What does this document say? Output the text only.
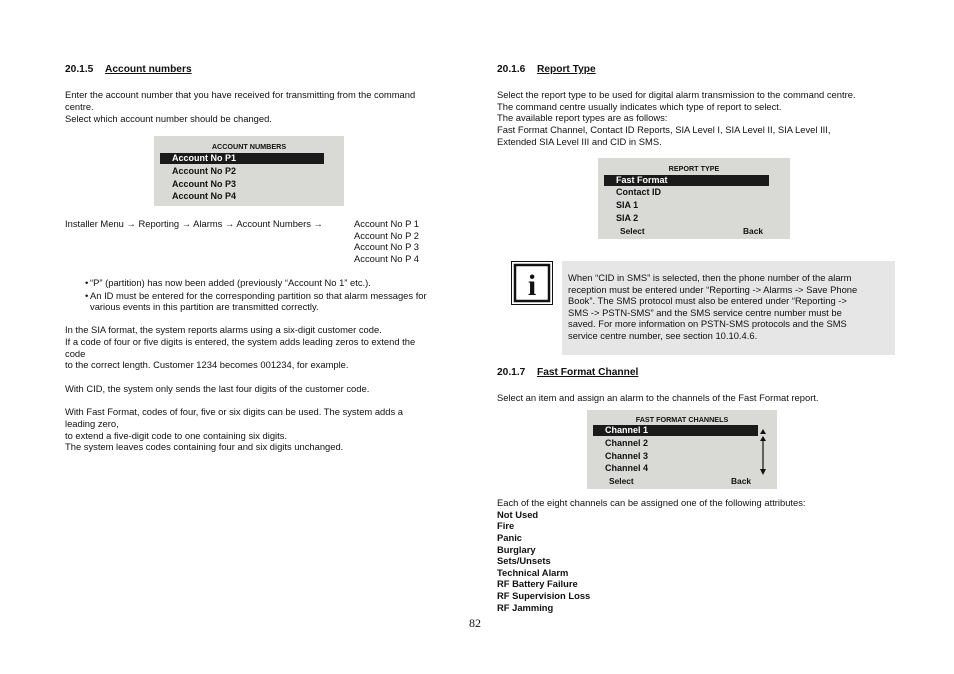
20.1.5 Account numbers

Enter the account number that you have received for transmitting from the command

centre.

Select which account number should be changed.

ACCOUNT NUMBERS
Account No P1
Account No P2
Account No P3
Account No P4

Installer Menu → Reporting → Alarms → Account Numbers →	Account No P 1

Account No P 2

Account No P 3

Account No P 4

• “P” (partition) has now been added (previously “Account No 1” etc.).

• An ID must be entered for the corresponding partition so that alarm messages for

various events in this partition are transmitted correctly.

In the SIA format, the system reports alarms using a six-digit customer code.

If a code of four or five digits is entered, the system adds leading zeros to extend the

code

to the correct length. Customer 1234 becomes 001234, for example.

With CID, the system only sends the last four digits of the customer code.

With Fast Format, codes of four, five or six digits can be used. The system adds a

leading zero,

to extend a five-digit code to one containing six digits.

The system leaves codes containing four and six digits unchanged.

20.1.6 Report Type

Select the report type to be used for digital alarm transmission to the command centre.

The command centre usually indicates which type of report to select.

The available report types are as follows:

Fast Format Channel, Contact ID Reports, SIA Level I, SIA Level II, SIA Level III,

Extended SIA Level III and CID in SMS.

REPORT TYPE
Fast Format
Contact ID
SIA 1
SIA 2
Select	Back
i	When “CID in SMS” is selected, then the phone number of the alarm

reception must be entered under “Reporting -> Alarms -> Save Phone

Book”. The SMS protocol must also be entered under “Reporting ->

SMS -> PSTN-SMS” and the SMS service centre number must be

saved. For more information on PSTN-SMS protocols and the SMS

service centre number, see section 10.10.4.6.

20.1.7 Fast Format Channel

Select an item and assign an alarm to the channels of the Fast Format report.

FAST FORMAT CHANNELS
Channel 1
Channel 2
Channel 3
Channel 4
Select	Back

Each of the eight channels can be assigned one of the following attributes:

Not Used

Fire

Panic

Burglary

Sets/Unsets

Technical Alarm

RF Battery Failure

RF Supervision Loss

RF Jamming

82
